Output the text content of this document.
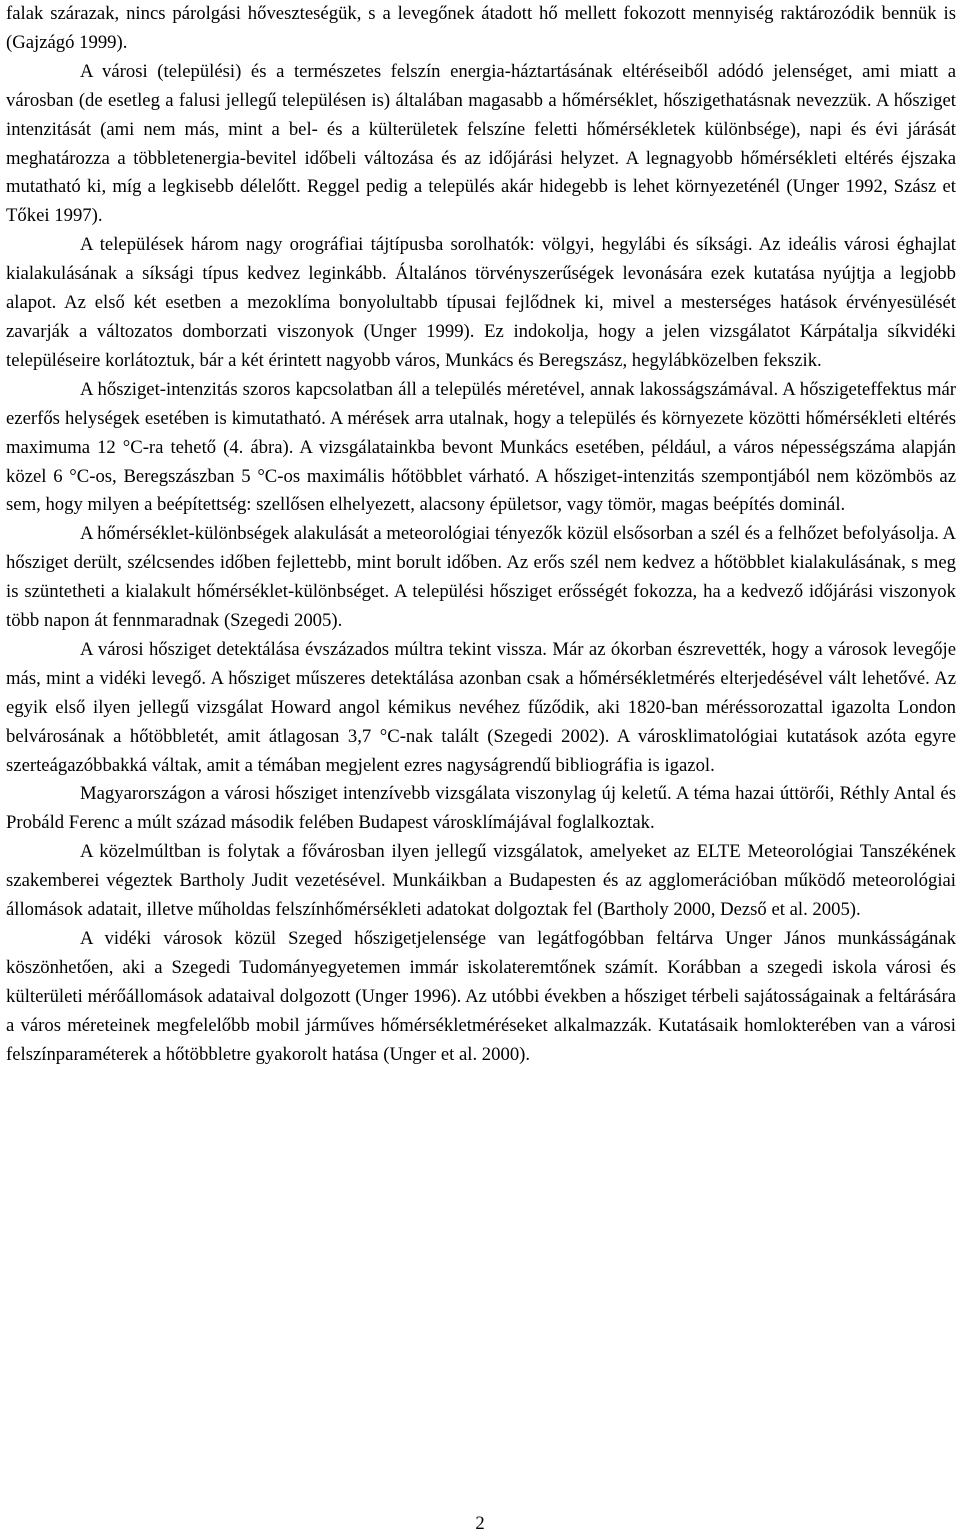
falak szárazak, nincs párolgási hőveszteségük, s a levegőnek átadott hő mellett fokozott mennyiség raktározódik bennük is (Gajzágó 1999).

A városi (települési) és a természetes felszín energia-háztartásának eltéréseiből adódó jelenséget, ami miatt a városban (de esetleg a falusi jellegű településen is) általában magasabb a hőmérséklet, hőszigethatásnak nevezzük. A hősziget intenzitását (ami nem más, mint a bel- és a külterületek felszíne feletti hőmérsékletek különbsége), napi és évi járását meghatározza a többletenergia-bevitel időbeli változása és az időjárási helyzet. A legnagyobb hőmérsékleti eltérés éjszaka mutatható ki, míg a legkisebb délelőtt. Reggel pedig a település akár hidegebb is lehet környezeténél (Unger 1992, Szász et Tőkei 1997).

A települések három nagy orográfiai tájtípusba sorolhatók: völgyi, hegylábi és síksági. Az ideális városi éghajlat kialakulásának a síksági típus kedvez leginkább. Általános törvényszerűségek levonására ezek kutatása nyújtja a legjobb alapot. Az első két esetben a mezoklíma bonyolultabb típusai fejlődnek ki, mivel a mesterséges hatások érvényesülését zavarják a változatos domborzati viszonyok (Unger 1999). Ez indokolja, hogy a jelen vizsgálatot Kárpátalja síkvidéki településeire korlátoztuk, bár a két érintett nagyobb város, Munkács és Beregszász, hegylábközelben fekszik.

A hősziget-intenzitás szoros kapcsolatban áll a település méretével, annak lakosságszámával. A hőszigeteffektus már ezerfős helységek esetében is kimutatható. A mérések arra utalnak, hogy a település és környezete közötti hőmérsékleti eltérés maximuma 12 °C-ra tehető (4. ábra). A vizsgálatainkba bevont Munkács esetében, például, a város népességszáma alapján közel 6 °C-os, Beregszászban 5 °C-os maximális hőtöbblet várható. A hősziget-intenzitás szempontjából nem közömbös az sem, hogy milyen a beépítettség: szellősen elhelyezett, alacsony épületsor, vagy tömör, magas beépítés dominál.

A hőmérséklet-különbségek alakulását a meteorológiai tényezők közül elsősorban a szél és a felhőzet befolyásolja. A hősziget derült, szélcsendes időben fejlettebb, mint borult időben. Az erős szél nem kedvez a hőtöbblet kialakulásának, s meg is szüntetheti a kialakult hőmérséklet-különbséget. A települési hősziget erősségét fokozza, ha a kedvező időjárási viszonyok több napon át fennmaradnak (Szegedi 2005).

A városi hősziget detektálása évszázados múltra tekint vissza. Már az ókorban észrevették, hogy a városok levegője más, mint a vidéki levegő. A hősziget műszeres detektálása azonban csak a hőmérsékletmérés elterjedésével vált lehetővé. Az egyik első ilyen jellegű vizsgálat Howard angol kémikus nevéhez fűződik, aki 1820-ban méréssorozattal igazolta London belvárosának a hőtöbbletét, amit átlagosan 3,7 °C-nak talált (Szegedi 2002). A városklimatológiai kutatások azóta egyre szerteágazóbbakká váltak, amit a témában megjelent ezres nagyságrendű bibliográfia is igazol.

Magyarországon a városi hősziget intenzívebb vizsgálata viszonylag új keletű. A téma hazai úttörői, Réthly Antal és Probáld Ferenc a múlt század második felében Budapest városklímájával foglalkoztak.

A közelmúltban is folytak a fővárosban ilyen jellegű vizsgálatok, amelyeket az ELTE Meteorológiai Tanszékének szakemberei végeztek Bartholy Judit vezetésével. Munkáikban a Budapesten és az agglomerációban működő meteorológiai állomások adatait, illetve műholdas felszínhőmérsékleti adatokat dolgoztak fel (Bartholy 2000, Dezső et al. 2005).

A vidéki városok közül Szeged hőszigetjelensége van legátfogóbban feltárva Unger János munkásságának köszönhetően, aki a Szegedi Tudományegyetemen immár iskolateremtőnek számít. Korábban a szegedi iskola városi és külterületi mérőállomások adataival dolgozott (Unger 1996). Az utóbbi években a hősziget térbeli sajátosságainak a feltárására a város méreteinek megfelelőbb mobil járműves hőmérsékletméréseket alkalmazzák. Kutatásaik homlokterében van a városi felszínparaméterek a hőtöbbletre gyakorolt hatása (Unger et al. 2000).

2
